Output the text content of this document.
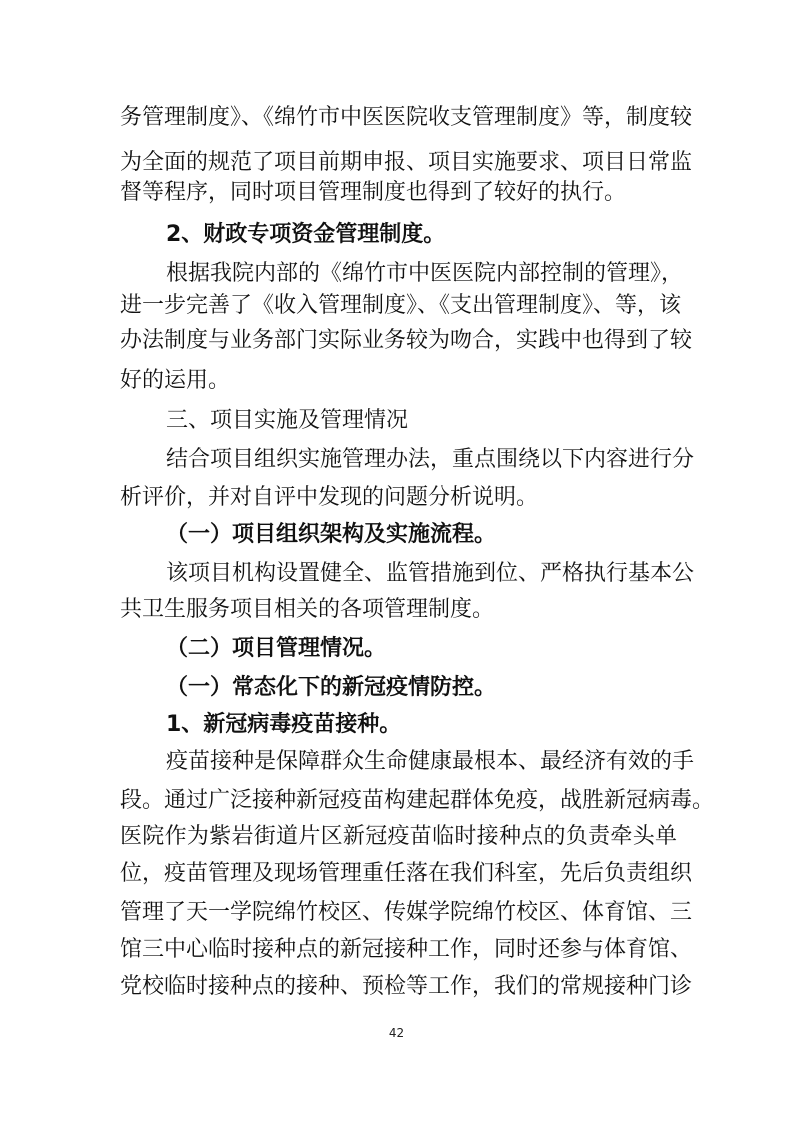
务管理制度》、《绵竹市中医医院收支管理制度》等，制度较

为全面的规范了项目前期申报、项目实施要求、项目日常监

督等程序，同时项目管理制度也得到了较好的执行。

2、财政专项资金管理制度。

根据我院内部的《绵竹市中医医院内部控制的管理》，

进一步完善了《收入管理制度》、《支出管理制度》、等，该

办法制度与业务部门实际业务较为吻合，实践中也得到了较

好的运用。

三、项目实施及管理情况

结合项目组织实施管理办法，重点围绕以下内容进行分

析评价，并对自评中发现的问题分析说明。

（一）项目组织架构及实施流程。

该项目机构设置健全、监管措施到位、严格执行基本公

共卫生服务项目相关的各项管理制度。

（二）项目管理情况。

（一）常态化下的新冠疫情防控。

1、新冠病毒疫苗接种。

疫苗接种是保障群众生命健康最根本、最经济有效的手

段。通过广泛接种新冠疫苗构建起群体免疫，战胜新冠病毒。

医院作为紫岩街道片区新冠疫苗临时接种点的负责牵头单

位，疫苗管理及现场管理重任落在我们科室，先后负责组织

管理了天一学院绵竹校区、传媒学院绵竹校区、体育馆、三

馆三中心临时接种点的新冠接种工作，同时还参与体育馆、

党校临时接种点的接种、预检等工作，我们的常规接种门诊

42
